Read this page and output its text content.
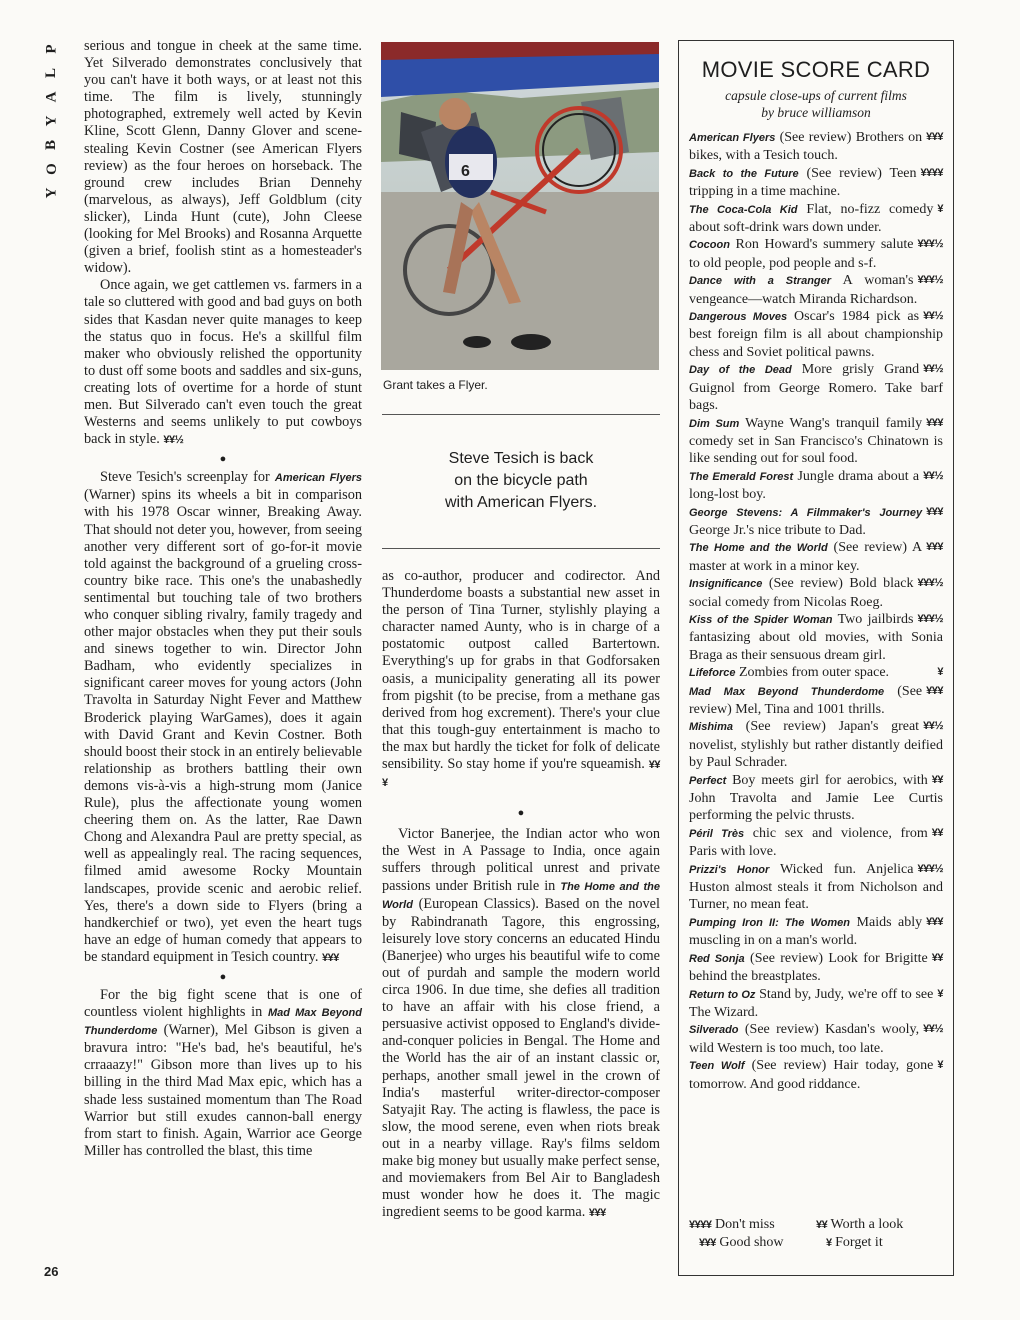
P
L
A
Y
B
O
Y

serious and tongue in cheek at the same time. Yet Silverado demonstrates conclusively that you can't have it both ways, or at least not this time. The film is lively, stunningly photographed, extremely well acted by Kevin Kline, Scott Glenn, Danny Glover and scene-stealing Kevin Costner (see American Flyers review) as the four heroes on horseback. The ground crew includes Brian Dennehy (marvelous, as always), Jeff Goldblum (city slicker), Linda Hunt (cute), John Cleese (looking for Mel Brooks) and Rosanna Arquette (given a brief, foolish stint as a homesteader's widow).

Once again, we get cattlemen vs. farmers in a tale so cluttered with good and bad guys on both sides that Kasdan never quite manages to keep the status quo in focus. He's a skillful film maker who obviously relished the opportunity to dust off some boots and saddles and six-guns, creating lots of overtime for a horde of stunt men. But Silverado can't even touch the great Westerns and seems unlikely to put cowboys back in style. ¥¥½

●

Steve Tesich's screenplay for American Flyers (Warner) spins its wheels a bit in comparison with his 1978 Oscar winner, Breaking Away. That should not deter you, however, from seeing another very different sort of go-for-it movie told against the background of a grueling cross-country bike race. This one's the unabashedly sentimental but touching tale of two brothers who conquer sibling rivalry, family tragedy and other major obstacles when they put their souls and sinews together to win. Director John Badham, who evidently specializes in significant career moves for young actors (John Travolta in Saturday Night Fever and Matthew Broderick playing WarGames), does it again with David Grant and Kevin Costner. Both should boost their stock in an entirely believable relationship as brothers battling their own demons vis-à-vis a high-strung mom (Janice Rule), plus the affectionate young women cheering them on. As the latter, Rae Dawn Chong and Alexandra Paul are pretty special, as well as appealingly real. The racing sequences, filmed amid awesome Rocky Mountain landscapes, provide scenic and aerobic relief. Yes, there's a down side to Flyers (bring a handkerchief or two), yet even the heart tugs have an edge of human comedy that appears to be standard equipment in Tesich country. ¥¥¥

●

For the big fight scene that is one of countless violent highlights in Mad Max Beyond Thunderdome (Warner), Mel Gibson is given a bravura intro: "He's bad, he's beautiful, he's crraaazy!" Gibson more than lives up to his billing in the third Mad Max epic, which has a shade less sustained momentum than The Road Warrior but still exudes cannon-ball energy from start to finish. Again, Warrior ace George Miller has controlled the blast, this time

6
Grant takes a Flyer.
Steve Tesich is back
on the bicycle path
with American Flyers.

as co-author, producer and codirector. And Thunderdome boasts a substantial new asset in the person of Tina Turner, stylishly playing a character named Aunty, who is in charge of a postatomic outpost called Bartertown. Everything's up for grabs in that Godforsaken oasis, a municipality generating all its power from pigshit (to be precise, from a methane gas derived from hog excrement). There's your clue that this tough-guy entertainment is macho to the max but hardly the ticket for folk of delicate sensibility. So stay home if you're squeamish. ¥¥¥

●

Victor Banerjee, the Indian actor who won the West in A Passage to India, once again suffers through political unrest and private passions under British rule in The Home and the World (European Classics). Based on the novel by Rabindranath Tagore, this engrossing, leisurely love story concerns an educated Hindu (Banerjee) who urges his beautiful wife to come out of purdah and sample the modern world circa 1906. In due time, she defies all tradition to have an affair with his close friend, a persuasive activist opposed to England's divide-and-conquer policies in Bengal. The Home and the World has the air of an instant classic or, perhaps, another small jewel in the crown of India's masterful writer-director-composer Satyajit Ray. The acting is flawless, the pace is slow, the mood serene, even when riots break out in a nearby village. Ray's films seldom make big money but usually make perfect sense, and moviemakers from Bel Air to Bangladesh must wonder how he does it. The magic ingredient seems to be good karma. ¥¥¥

MOVIE SCORE CARD
capsule close-ups of current films
by bruce williamson

¥¥¥
American Flyers (See review) Brothers on bikes, with a Tesich touch.

¥¥¥¥
Back to the Future (See review) Teen tripping in a time machine.

¥
The Coca-Cola Kid Flat, no-fizz comedy about soft-drink wars down under.

¥¥¥½
Cocoon Ron Howard's summery salute to old people, pod people and s-f.

¥¥¥½
Dance with a Stranger A woman's vengeance—watch Miranda Richardson.

¥¥½
Dangerous Moves Oscar's 1984 pick as best foreign film is all about championship chess and Soviet political pawns.

¥¥½
Day of the Dead More grisly Grand Guignol from George Romero. Take barf bags.

¥¥¥
Dim Sum Wayne Wang's tranquil family comedy set in San Francisco's Chinatown is like sending out for soul food.

¥¥½
The Emerald Forest Jungle drama about a long-lost boy.

¥¥¥
George Stevens: A Filmmaker's Journey George Jr.'s nice tribute to Dad.

¥¥¥
The Home and the World (See review) A master at work in a minor key.

¥¥¥½
Insignificance (See review) Bold black social comedy from Nicolas Roeg.

¥¥¥½
Kiss of the Spider Woman Two jailbirds fantasizing about old movies, with Sonia Braga as their sensuous dream girl.

¥
Lifeforce Zombies from outer space.

¥¥¥
Mad Max Beyond Thunderdome (See review) Mel, Tina and 1001 thrills.

¥¥½
Mishima (See review) Japan's great novelist, stylishly but rather distantly deified by Paul Schrader.

¥¥
Perfect Boy meets girl for aerobics, with John Travolta and Jamie Lee Curtis performing the pelvic thrusts.

¥¥
Péril Très chic sex and violence, from Paris with love.

¥¥¥½
Prizzi's Honor Wicked fun. Anjelica Huston almost steals it from Nicholson and Turner, no mean feat.

¥¥¥
Pumping Iron II: The Women Maids ably muscling in on a man's world.

¥¥
Red Sonja (See review) Look for Brigitte behind the breastplates.

¥
Return to Oz Stand by, Judy, we're off to see The Wizard.

¥¥½
Silverado (See review) Kasdan's wooly, wild Western is too much, too late.

¥
Teen Wolf (See review) Hair today, gone tomorrow. And good riddance.

¥¥¥¥ Don't miss	¥¥ Worth a look
¥¥¥ Good show	¥ Forget it
26
